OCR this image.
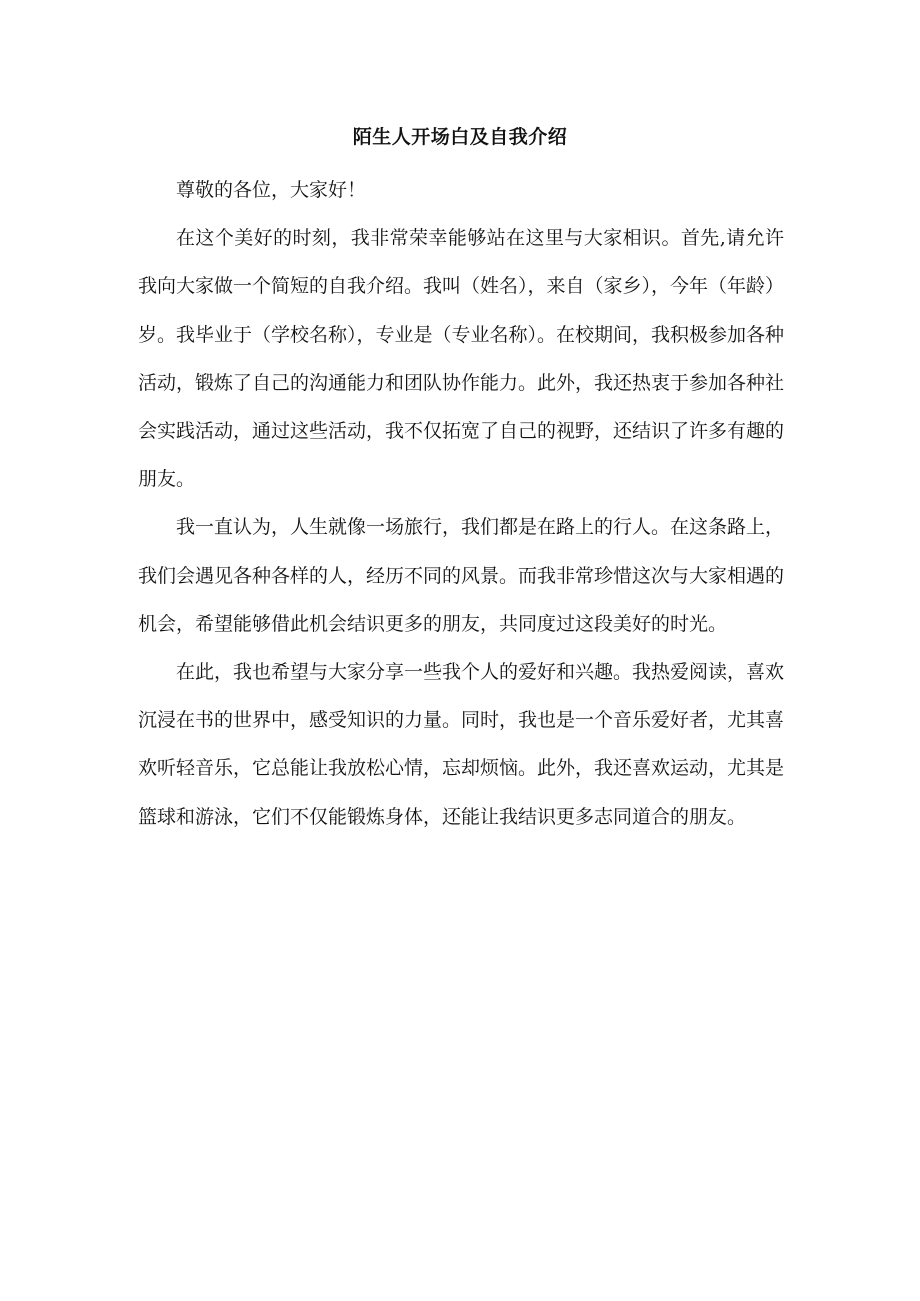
陌生人开场白及自我介绍

尊敬的各位，大家好！

在这个美好的时刻，我非常荣幸能够站在这里与大家相识。首先,请允许我向大家做一个简短的自我介绍。我叫（姓名），来自（家乡），今年（年龄）岁。我毕业于（学校名称），专业是（专业名称）。在校期间，我积极参加各种活动，锻炼了自己的沟通能力和团队协作能力。此外，我还热衷于参加各种社会实践活动，通过这些活动，我不仅拓宽了自己的视野，还结识了许多有趣的朋友。

我一直认为，人生就像一场旅行，我们都是在路上的行人。在这条路上，我们会遇见各种各样的人，经历不同的风景。而我非常珍惜这次与大家相遇的机会，希望能够借此机会结识更多的朋友，共同度过这段美好的时光。

在此，我也希望与大家分享一些我个人的爱好和兴趣。我热爱阅读，喜欢沉浸在书的世界中，感受知识的力量。同时，我也是一个音乐爱好者，尤其喜欢听轻音乐，它总能让我放松心情，忘却烦恼。此外，我还喜欢运动，尤其是篮球和游泳，它们不仅能锻炼身体，还能让我结识更多志同道合的朋友。
